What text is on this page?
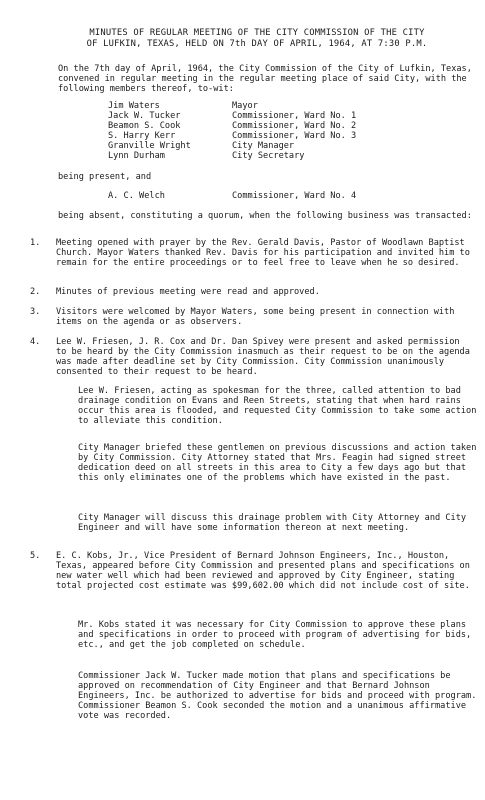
MINUTES OF REGULAR MEETING OF THE CITY COMMISSION OF THE CITY
OF LUFKIN, TEXAS, HELD ON 7th DAY OF APRIL, 1964, AT 7:30 P.M.
On the 7th day of April, 1964, the City Commission of the City of Lufkin, Texas, convened in regular meeting in the regular meeting place of said City, with the following members thereof, to-wit:
Jim Waters	Mayor
Jack W. Tucker	Commissioner, Ward No. 1
Beamon S. Cook	Commissioner, Ward No. 2
S. Harry Kerr	Commissioner, Ward No. 3
Granville Wright	City Manager
Lynn Durham	City Secretary
being present, and
A. C. Welch	Commissioner, Ward No. 4
being absent, constituting a quorum, when the following business was transacted:
1.	Meeting opened with prayer by the Rev. Gerald Davis, Pastor of Woodlawn Baptist Church. Mayor Waters thanked Rev. Davis for his participation and invited him to remain for the entire proceedings or to feel free to leave when he so desired.
2.	Minutes of previous meeting were read and approved.
3.	Visitors were welcomed by Mayor Waters, some being present in connection with items on the agenda or as observers.
4.	Lee W. Friesen, J. R. Cox and Dr. Dan Spivey were present and asked permission to be heard by the City Commission inasmuch as their request to be on the agenda was made after deadline set by City Commission. City Commission unanimously consented to their request to be heard.
Lee W. Friesen, acting as spokesman for the three, called attention to bad drainage condition on Evans and Reen Streets, stating that when hard rains occur this area is flooded, and requested City Commission to take some action to alleviate this condition.
City Manager briefed these gentlemen on previous discussions and action taken by City Commission. City Attorney stated that Mrs. Feagin had signed street dedication deed on all streets in this area to City a few days ago but that this only eliminates one of the problems which have existed in the past.
City Manager will discuss this drainage problem with City Attorney and City Engineer and will have some information thereon at next meeting.
5.	E. C. Kobs, Jr., Vice President of Bernard Johnson Engineers, Inc., Houston, Texas, appeared before City Commission and presented plans and specifications on new water well which had been reviewed and approved by City Engineer, stating total projected cost estimate was $99,602.00 which did not include cost of site.
Mr. Kobs stated it was necessary for City Commission to approve these plans and specifications in order to proceed with program of advertising for bids, etc., and get the job completed on schedule.
Commissioner Jack W. Tucker made motion that plans and specifications be approved on recommendation of City Engineer and that Bernard Johnson Engineers, Inc. be authorized to advertise for bids and proceed with program. Commissioner Beamon S. Cook seconded the motion and a unanimous affirmative vote was recorded.
